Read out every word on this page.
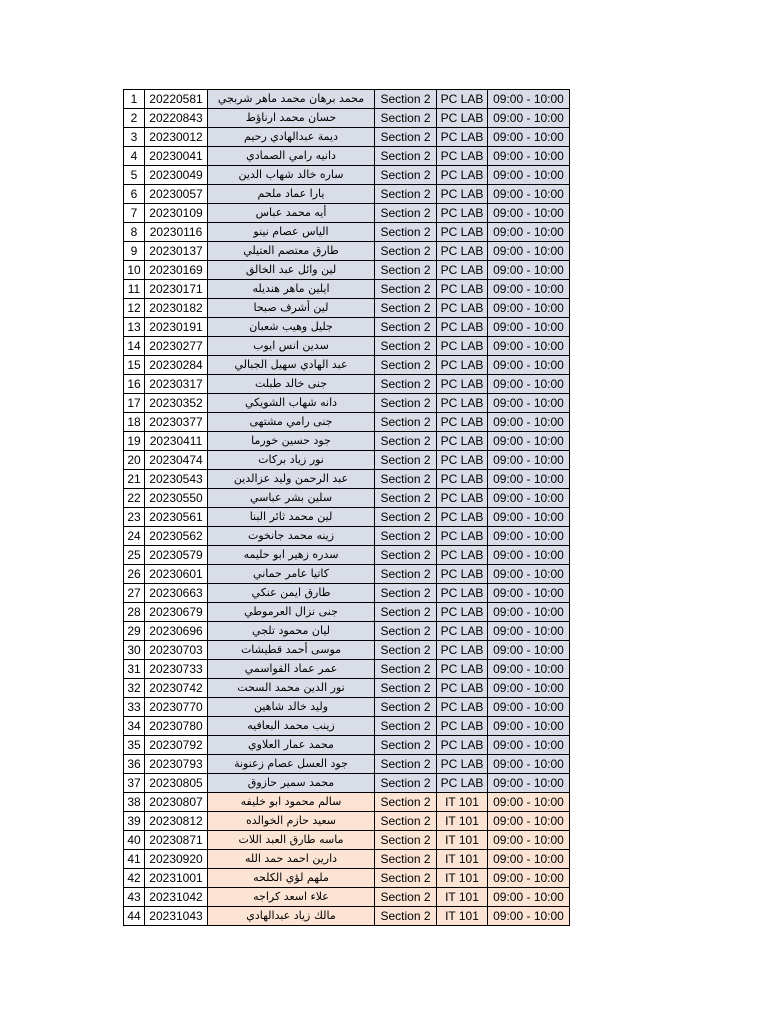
1	20220581	محمد برهان محمد ماهر شربجي	Section 2	PC LAB	09:00 - 10:00
2	20220843	حسان محمد ارناؤط	Section 2	PC LAB	09:00 - 10:00
3	20230012	ديمة عبدالهادي رحيم	Section 2	PC LAB	09:00 - 10:00
4	20230041	دانيه رامي الصمادي	Section 2	PC LAB	09:00 - 10:00
5	20230049	ساره خالد شهاب الدين	Section 2	PC LAB	09:00 - 10:00
6	20230057	يارا عماد ملحم	Section 2	PC LAB	09:00 - 10:00
7	20230109	أيه محمد عباس	Section 2	PC LAB	09:00 - 10:00
8	20230116	الياس عصام نينو	Section 2	PC LAB	09:00 - 10:00
9	20230137	طارق معتصم العتيلي	Section 2	PC LAB	09:00 - 10:00
10	20230169	لين وائل عبد الخالق	Section 2	PC LAB	09:00 - 10:00
11	20230171	ايلين ماهر هنديله	Section 2	PC LAB	09:00 - 10:00
12	20230182	لين أشرف صبحا	Section 2	PC LAB	09:00 - 10:00
13	20230191	جليل وهيب شعبان	Section 2	PC LAB	09:00 - 10:00
14	20230277	سدين انس ايوب	Section 2	PC LAB	09:00 - 10:00
15	20230284	عبد الهادي سهيل الجبالي	Section 2	PC LAB	09:00 - 10:00
16	20230317	جنى خالد طبلت	Section 2	PC LAB	09:00 - 10:00
17	20230352	دانه شهاب الشويكي	Section 2	PC LAB	09:00 - 10:00
18	20230377	جنى رامي مشتهى	Section 2	PC LAB	09:00 - 10:00
19	20230411	جود حسين خورما	Section 2	PC LAB	09:00 - 10:00
20	20230474	نور زياد بركات	Section 2	PC LAB	09:00 - 10:00
21	20230543	عبد الرحمن وليد عزالدين	Section 2	PC LAB	09:00 - 10:00
22	20230550	سلين بشر عباسي	Section 2	PC LAB	09:00 - 10:00
23	20230561	لين محمد ثائر البنا	Section 2	PC LAB	09:00 - 10:00
24	20230562	زينه محمد جانخوت	Section 2	PC LAB	09:00 - 10:00
25	20230579	سدره زهير ابو حليمه	Section 2	PC LAB	09:00 - 10:00
26	20230601	كاتيا عامر حماني	Section 2	PC LAB	09:00 - 10:00
27	20230663	طارق ايمن عنكي	Section 2	PC LAB	09:00 - 10:00
28	20230679	جنى نزال العرموطي	Section 2	PC LAB	09:00 - 10:00
29	20230696	ليان محمود تلجي	Section 2	PC LAB	09:00 - 10:00
30	20230703	موسى أحمد قطيشات	Section 2	PC LAB	09:00 - 10:00
31	20230733	عمر عماد القواسمي	Section 2	PC LAB	09:00 - 10:00
32	20230742	نور الدين محمد السحت	Section 2	PC LAB	09:00 - 10:00
33	20230770	وليد خالد شاهين	Section 2	PC LAB	09:00 - 10:00
34	20230780	زينب محمد البعافيه	Section 2	PC LAB	09:00 - 10:00
35	20230792	محمد عمار العلاوي	Section 2	PC LAB	09:00 - 10:00
36	20230793	جود العسل عصام زعنونة	Section 2	PC LAB	09:00 - 10:00
37	20230805	محمد سمير حازوق	Section 2	PC LAB	09:00 - 10:00
38	20230807	سالم محمود ابو خليفه	Section 2	IT 101	09:00 - 10:00
39	20230812	سعيد حازم الخوالده	Section 2	IT 101	09:00 - 10:00
40	20230871	ماسه طارق العبد اللات	Section 2	IT 101	09:00 - 10:00
41	20230920	دارين احمد حمد الله	Section 2	IT 101	09:00 - 10:00
42	20231001	ملهم لؤي الكلحه	Section 2	IT 101	09:00 - 10:00
43	20231042	علاء اسعد كراجه	Section 2	IT 101	09:00 - 10:00
44	20231043	مالك زياد عبدالهادي	Section 2	IT 101	09:00 - 10:00
